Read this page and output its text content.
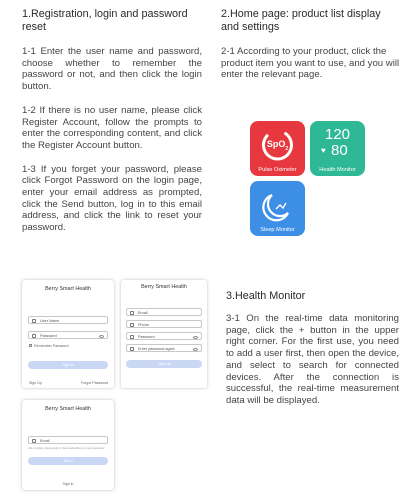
1.Registration, login and password reset
1-1 Enter the user name and password, choose whether to remember the password or not, and then click the login button.
1-2 If there is no user name, please click Register Account, follow the prompts to enter the corresponding content, and click the Register Account button.
1-3 If you forget your password, please click Forgot Password on the login page, enter your email address as prompted, click the Send button, log in to this email address, and click the link to reset your password.
2.Home page: product list display and settings
2-1 According to your product, click the product item you want to use, and you will enter the relevant page.
SpO$_2$
Pulse Oximeter
120
♥ 80
Health Monitor
Sleep Monitor
Berry Smart Health
User Name
Password
Remember Password
Sign in
Sign Up	Forgot Password
Berry Smart Health
Email
Phone
Password
Enter password again
Sign Up
Berry Smart Health
Email
After sending, please login to this email address to reset password
Send
Sign in
3.Health Monitor
3-1 On the real-time data monitoring page, click the + button in the upper right corner. For the first use, you need to add a user first, then open the device, and select to search for connected devices. After the connection is successful, the real-time measurement data will be displayed.
